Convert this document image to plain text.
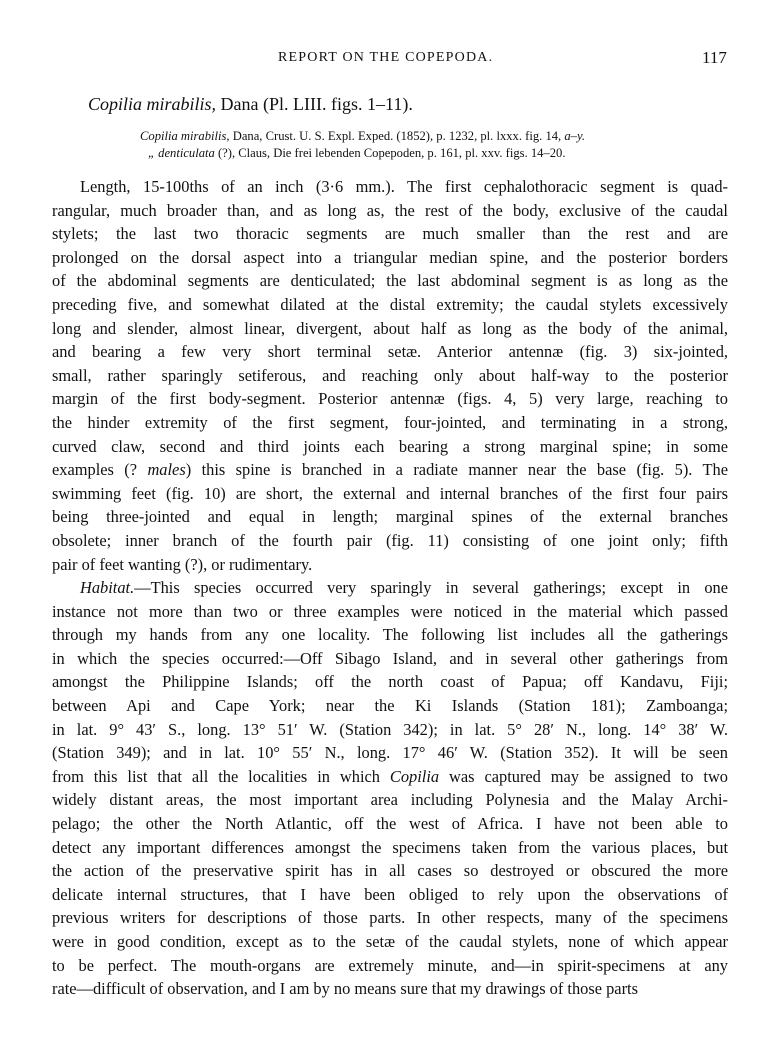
REPORT ON THE COPEPODA.	117
Copilia mirabilis, Dana (Pl. LIII. figs. 1–11).
Copilia mirabilis, Dana, Crust. U. S. Expl. Exped. (1852), p. 1232, pl. lxxx. fig. 14, a–y.
„ denticulata (?), Claus, Die frei lebenden Copepoden, p. 161, pl. xxv. figs. 14–20.
Length, 15-100ths of an inch (3·6 mm.). The first cephalothoracic segment is quad-
rangular, much broader than, and as long as, the rest of the body, exclusive of the caudal
stylets; the last two thoracic segments are much smaller than the rest and are
prolonged on the dorsal aspect into a triangular median spine, and the posterior borders
of the abdominal segments are denticulated; the last abdominal segment is as long as the
preceding five, and somewhat dilated at the distal extremity; the caudal stylets excessively
long and slender, almost linear, divergent, about half as long as the body of the animal,
and bearing a few very short terminal setæ. Anterior antennæ (fig. 3) six-jointed,
small, rather sparingly setiferous, and reaching only about half-way to the posterior
margin of the first body-segment. Posterior antennæ (figs. 4, 5) very large, reaching to
the hinder extremity of the first segment, four-jointed, and terminating in a strong,
curved claw, second and third joints each bearing a strong marginal spine; in some
examples (? males) this spine is branched in a radiate manner near the base (fig. 5). The
swimming feet (fig. 10) are short, the external and internal branches of the first four pairs
being three-jointed and equal in length; marginal spines of the external branches
obsolete; inner branch of the fourth pair (fig. 11) consisting of one joint only; fifth
pair of feet wanting (?), or rudimentary.
Habitat.—This species occurred very sparingly in several gatherings; except in one
instance not more than two or three examples were noticed in the material which passed
through my hands from any one locality. The following list includes all the gatherings
in which the species occurred:—Off Sibago Island, and in several other gatherings from
amongst the Philippine Islands; off the north coast of Papua; off Kandavu, Fiji;
between Api and Cape York; near the Ki Islands (Station 181); Zamboanga;
in lat. 9° 43′ S., long. 13° 51′ W. (Station 342); in lat. 5° 28′ N., long. 14° 38′ W.
(Station 349); and in lat. 10° 55′ N., long. 17° 46′ W. (Station 352). It will be seen
from this list that all the localities in which Copilia was captured may be assigned to two
widely distant areas, the most important area including Polynesia and the Malay Archi-
pelago; the other the North Atlantic, off the west of Africa. I have not been able to
detect any important differences amongst the specimens taken from the various places, but
the action of the preservative spirit has in all cases so destroyed or obscured the more
delicate internal structures, that I have been obliged to rely upon the observations of
previous writers for descriptions of those parts. In other respects, many of the specimens
were in good condition, except as to the setæ of the caudal stylets, none of which appear
to be perfect. The mouth-organs are extremely minute, and—in spirit-specimens at any
rate—difficult of observation, and I am by no means sure that my drawings of those parts
